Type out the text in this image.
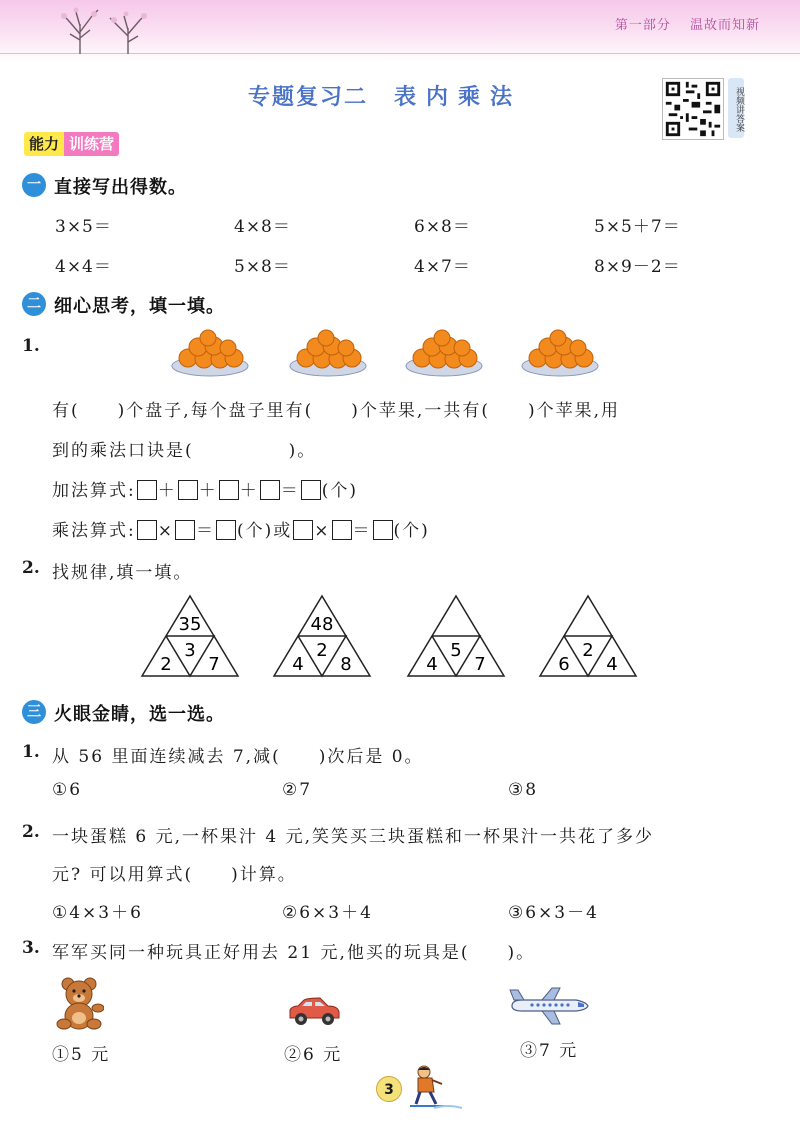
第一部分 温故而知新
专题复习二 表内乘法	视频讲答案
能力 训练营
一 直接写出得数。
3×5＝	4×8＝	6×8＝	5×5＋7＝
4×4＝	5×8＝	4×7＝	8×9－2＝
二 细心思考，填一填。
1.
有(　　)个盘子,每个盘子里有(　　)个苹果,一共有(　　)个苹果,用
到的乘法口诀是(　　　　　)。
加法算式: ＋ ＋ ＋ ＝ (个)
乘法算式: × ＝ (个)或 × ＝ (个)
2. 找规律,填一填。
35
3
2 7
48
2
4 8
5
4 7
2
6 4
三 火眼金睛，选一选。
1. 从 56 里面连续减去 7,减(　　)次后是 0。
①6	②7	③8
2. 一块蛋糕 6 元,一杯果汁 4 元,笑笑买三块蛋糕和一杯果汁一共花了多少
元? 可以用算式(　　)计算。
①4×3＋6	②6×3＋4	③6×3－4
3. 军军买同一种玩具正好用去 21 元,他买的玩具是(　　)。
①5 元	②6 元	③7 元
3
